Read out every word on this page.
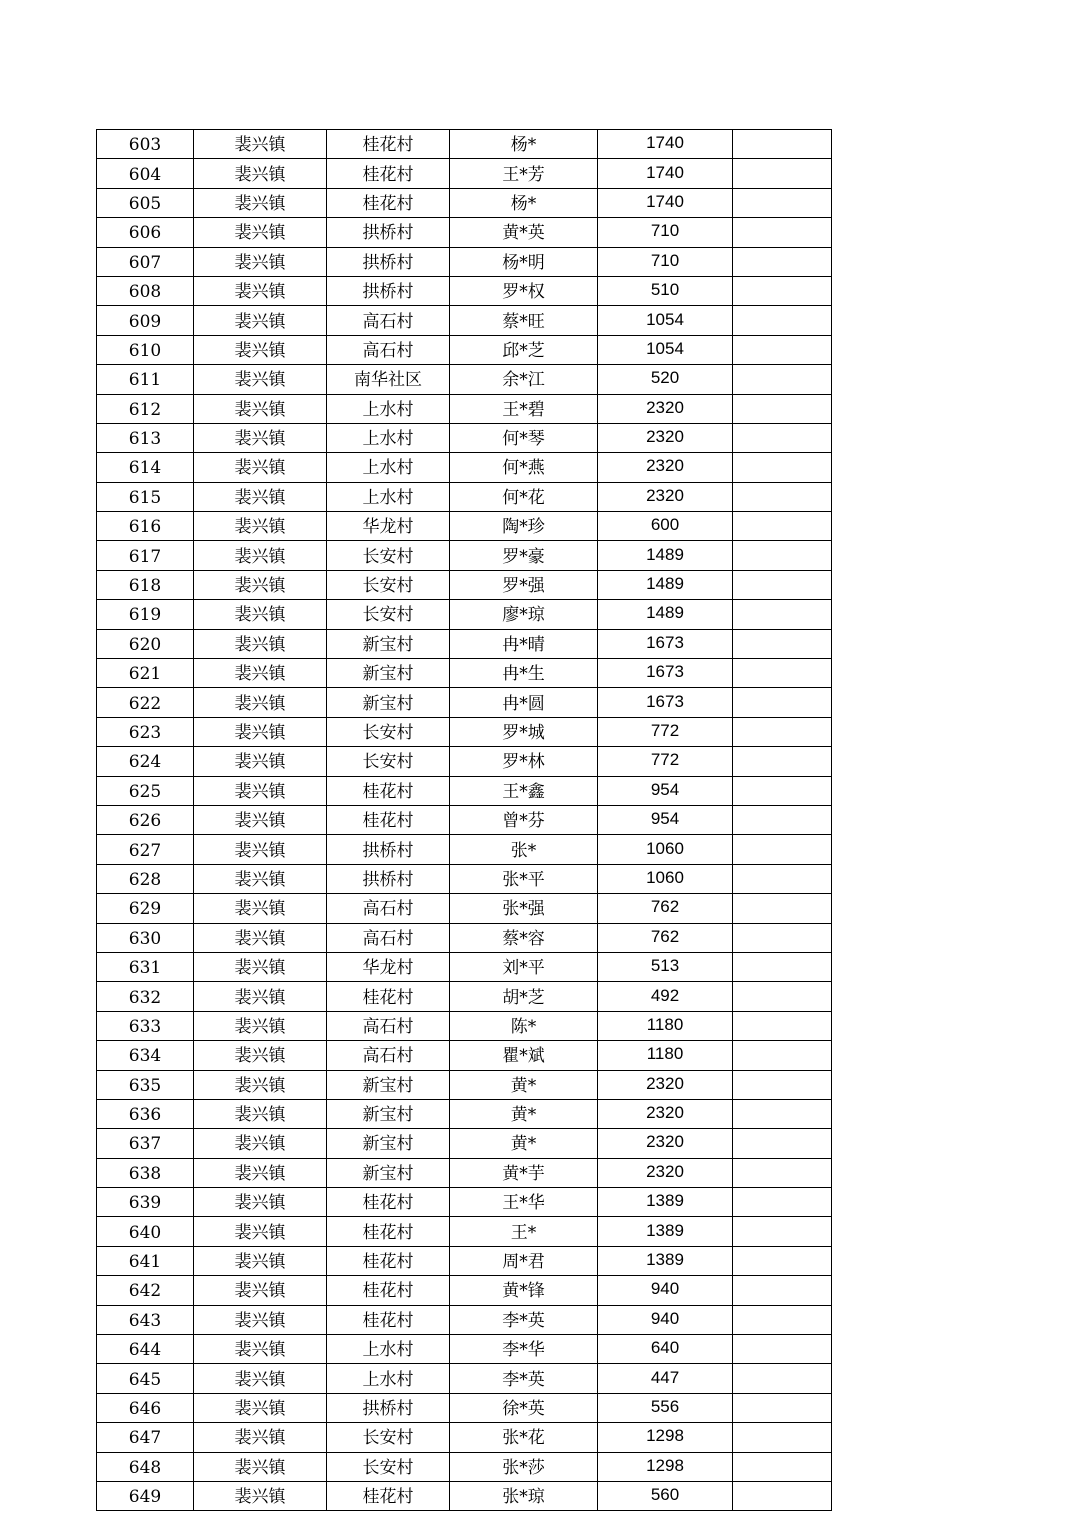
603	裴兴镇	桂花村	杨*	1740	
604	裴兴镇	桂花村	王*芳	1740	
605	裴兴镇	桂花村	杨*	1740	
606	裴兴镇	拱桥村	黄*英	710	
607	裴兴镇	拱桥村	杨*明	710	
608	裴兴镇	拱桥村	罗*权	510	
609	裴兴镇	高石村	蔡*旺	1054	
610	裴兴镇	高石村	邱*芝	1054	
611	裴兴镇	南华社区	余*江	520	
612	裴兴镇	上水村	王*碧	2320	
613	裴兴镇	上水村	何*琴	2320	
614	裴兴镇	上水村	何*燕	2320	
615	裴兴镇	上水村	何*花	2320	
616	裴兴镇	华龙村	陶*珍	600	
617	裴兴镇	长安村	罗*豪	1489	
618	裴兴镇	长安村	罗*强	1489	
619	裴兴镇	长安村	廖*琼	1489	
620	裴兴镇	新宝村	冉*晴	1673	
621	裴兴镇	新宝村	冉*生	1673	
622	裴兴镇	新宝村	冉*圆	1673	
623	裴兴镇	长安村	罗*城	772	
624	裴兴镇	长安村	罗*林	772	
625	裴兴镇	桂花村	王*鑫	954	
626	裴兴镇	桂花村	曾*芬	954	
627	裴兴镇	拱桥村	张*	1060	
628	裴兴镇	拱桥村	张*平	1060	
629	裴兴镇	高石村	张*强	762	
630	裴兴镇	高石村	蔡*容	762	
631	裴兴镇	华龙村	刘*平	513	
632	裴兴镇	桂花村	胡*芝	492	
633	裴兴镇	高石村	陈*	1180	
634	裴兴镇	高石村	瞿*斌	1180	
635	裴兴镇	新宝村	黄*	2320	
636	裴兴镇	新宝村	黄*	2320	
637	裴兴镇	新宝村	黄*	2320	
638	裴兴镇	新宝村	黄*芋	2320	
639	裴兴镇	桂花村	王*华	1389	
640	裴兴镇	桂花村	王*	1389	
641	裴兴镇	桂花村	周*君	1389	
642	裴兴镇	桂花村	黄*锋	940	
643	裴兴镇	桂花村	李*英	940	
644	裴兴镇	上水村	李*华	640	
645	裴兴镇	上水村	李*英	447	
646	裴兴镇	拱桥村	徐*英	556	
647	裴兴镇	长安村	张*花	1298	
648	裴兴镇	长安村	张*莎	1298	
649	裴兴镇	桂花村	张*琼	560	
